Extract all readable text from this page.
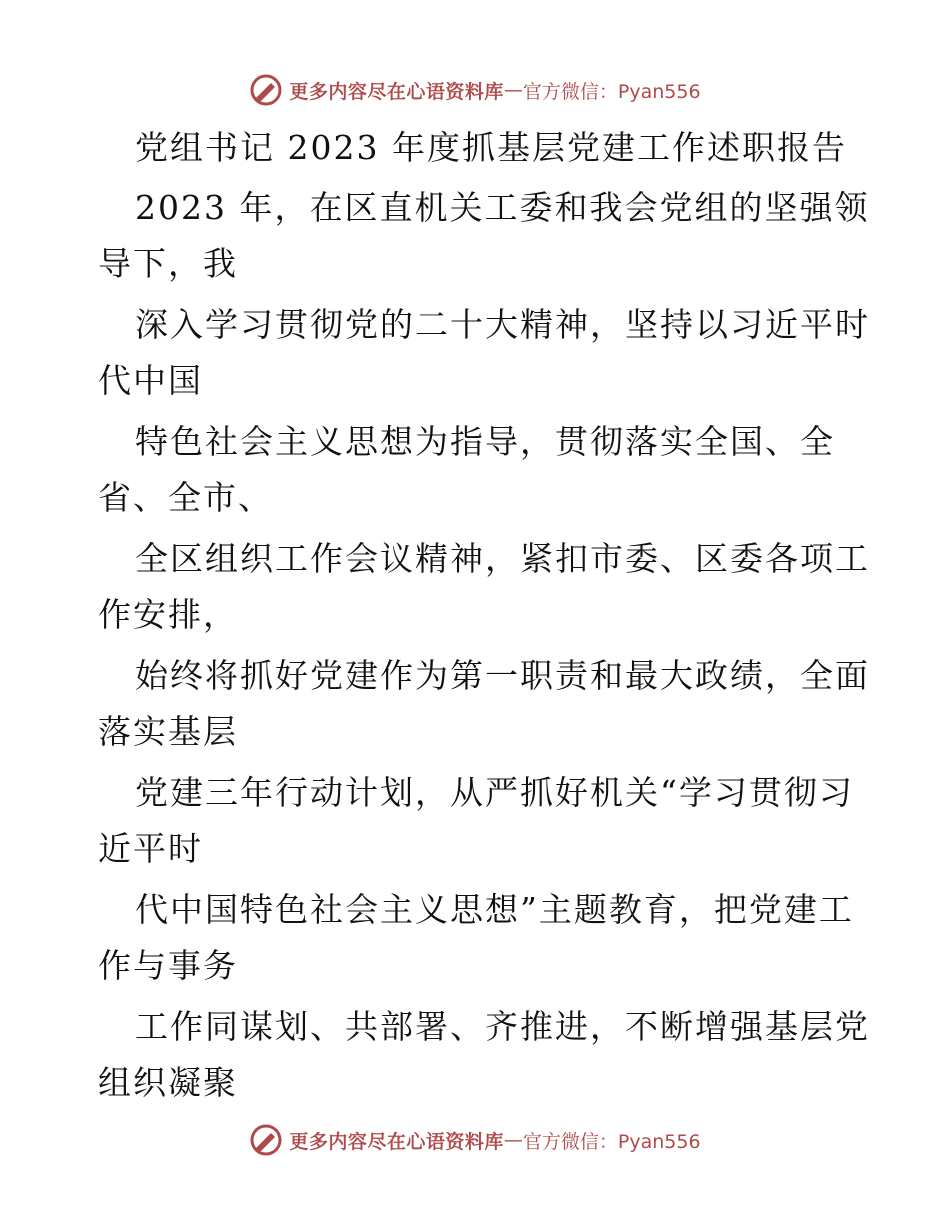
更多内容尽在心语资料库 — 官方微信：Pyan556
党组书记 2023 年度抓基层党建工作述职报告
2023 年，在区直机关工委和我会党组的坚强领
导下，我
深入学习贯彻党的二十大精神，坚持以习近平时
代中国
特色社会主义思想为指导，贯彻落实全国、全
省、全市、
全区组织工作会议精神，紧扣市委、区委各项工
作安排，
始终将抓好党建作为第一职责和最大政绩，全面
落实基层
党建三年行动计划，从严抓好机关“学习贯彻习
近平时
代中国特色社会主义思想”主题教育，把党建工
作与事务
工作同谋划、共部署、齐推进，不断增强基层党
组织凝聚
更多内容尽在心语资料库 — 官方微信：Pyan556
